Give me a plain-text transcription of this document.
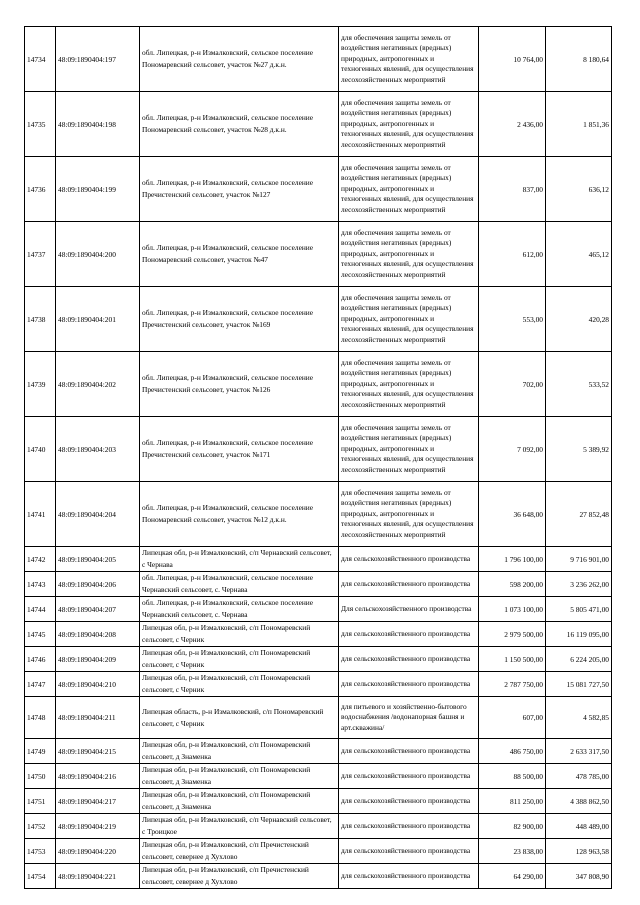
14734	48:09:1890404:197	обл. Липецкая, р-н Измалковский, сельское поселение Пономаревский сельсовет, участок №27 д.к.н.	для обеспечения защиты земель от воздействия негативных (вредных) природных, антропогенных и техногенных явлений, для осуществления лесохозяйственных мероприятий	10 764,00	8 180,64
14735	48:09:1890404:198	обл. Липецкая, р-н Измалковский, сельское поселение Пономаревский сельсовет, участок №28 д.к.н.	для обеспечения защиты земель от воздействия негативных (вредных) природных, антропогенных и техногенных явлений, для осуществления лесохозяйственных мероприятий	2 436,00	1 851,36
14736	48:09:1890404:199	обл. Липецкая, р-н Измалковский, сельское поселение Пречистенский сельсовет, участок №127	для обеспечения защиты земель от воздействия негативных (вредных) природных, антропогенных и техногенных явлений, для осуществления лесохозяйственных мероприятий	837,00	636,12
14737	48:09:1890404:200	обл. Липецкая, р-н Измалковский, сельское поселение Пономаревский сельсовет, участок №47	для обеспечения защиты земель от воздействия негативных (вредных) природных, антропогенных и техногенных явлений, для осуществления лесохозяйственных мероприятий	612,00	465,12
14738	48:09:1890404:201	обл. Липецкая, р-н Измалковский, сельское поселение Пречистенский сельсовет, участок №169	для обеспечения защиты земель от воздействия негативных (вредных) природных, антропогенных и техногенных явлений, для осуществления лесохозяйственных мероприятий	553,00	420,28
14739	48:09:1890404:202	обл. Липецкая, р-н Измалковский, сельское поселение Пречистенский сельсовет, участок №126	для обеспечения защиты земель от воздействия негативных (вредных) природных, антропогенных и техногенных явлений, для осуществления лесохозяйственных мероприятий	702,00	533,52
14740	48:09:1890404:203	обл. Липецкая, р-н Измалковский, сельское поселение Пречистенский сельсовет, участок №171	для обеспечения защиты земель от воздействия негативных (вредных) природных, антропогенных и техногенных явлений, для осуществления лесохозяйственных мероприятий	7 092,00	5 389,92
14741	48:09:1890404:204	обл. Липецкая, р-н Измалковский, сельское поселение Пономаревский сельсовет, участок №12 д.к.н.	для обеспечения защиты земель от воздействия негативных (вредных) природных, антропогенных и техногенных явлений, для осуществления лесохозяйственных мероприятий	36 648,00	27 852,48
14742	48:09:1890404:205	Липецкая обл, р-н Измалковский, с/п Чернавский сельсовет, с Чернава	для сельскохозяйственного производства	1 796 100,00	9 716 901,00
14743	48:09:1890404:206	обл. Липецкая, р-н Измалковский, сельское поселение Чернавский сельсовет, с. Чернава	для сельскохозяйственного производства	598 200,00	3 236 262,00
14744	48:09:1890404:207	обл. Липецкая, р-н Измалковский, сельское поселение Чернавский сельсовет, с. Чернава	Для сельскохозяйственного производства	1 073 100,00	5 805 471,00
14745	48:09:1890404:208	Липецкая обл, р-н Измалковский, с/п Пономаревский сельсовет, с Черник	для сельскохозяйственного производства	2 979 500,00	16 119 095,00
14746	48:09:1890404:209	Липецкая обл, р-н Измалковский, с/п Пономаревский сельсовет, с Черник	для сельскохозяйственного производства	1 150 500,00	6 224 205,00
14747	48:09:1890404:210	Липецкая обл, р-н Измалковский, с/п Пономаревский сельсовет, с Черник	для сельскохозяйственного производства	2 787 750,00	15 081 727,50
14748	48:09:1890404:211	Липецкая область, р-н Измалковский, с/п Пономаревский сельсовет, с Черник	для питьевого и хозяйственно-бытового водоснабжения /водонапорная башня и арт.скважина/	607,00	4 582,85
14749	48:09:1890404:215	Липецкая обл, р-н Измалковский, с/п Пономаревский сельсовет, д Знаменка	для сельскохозяйственного производства	486 750,00	2 633 317,50
14750	48:09:1890404:216	Липецкая обл, р-н Измалковский, с/п Пономаревский сельсовет, д Знаменка	для сельскохозяйственного производства	88 500,00	478 785,00
14751	48:09:1890404:217	Липецкая обл, р-н Измалковский, с/п Пономаревский сельсовет, д Знаменка	для сельскохозяйственного производства	811 250,00	4 388 862,50
14752	48:09:1890404:219	Липецкая обл, р-н Измалковский, с/п Чернавский сельсовет, с Троицкое	для сельскохозяйственного производства	82 900,00	448 489,00
14753	48:09:1890404:220	Липецкая обл, р-н Измалковский, с/п Пречистенский сельсовет, севернее д Хухлово	для сельскохозяйственного производства	23 838,00	128 963,58
14754	48:09:1890404:221	Липецкая обл, р-н Измалковский, с/п Пречистенский сельсовет, севернее д Хухлово	для сельскохозяйственного производства	64 290,00	347 808,90
